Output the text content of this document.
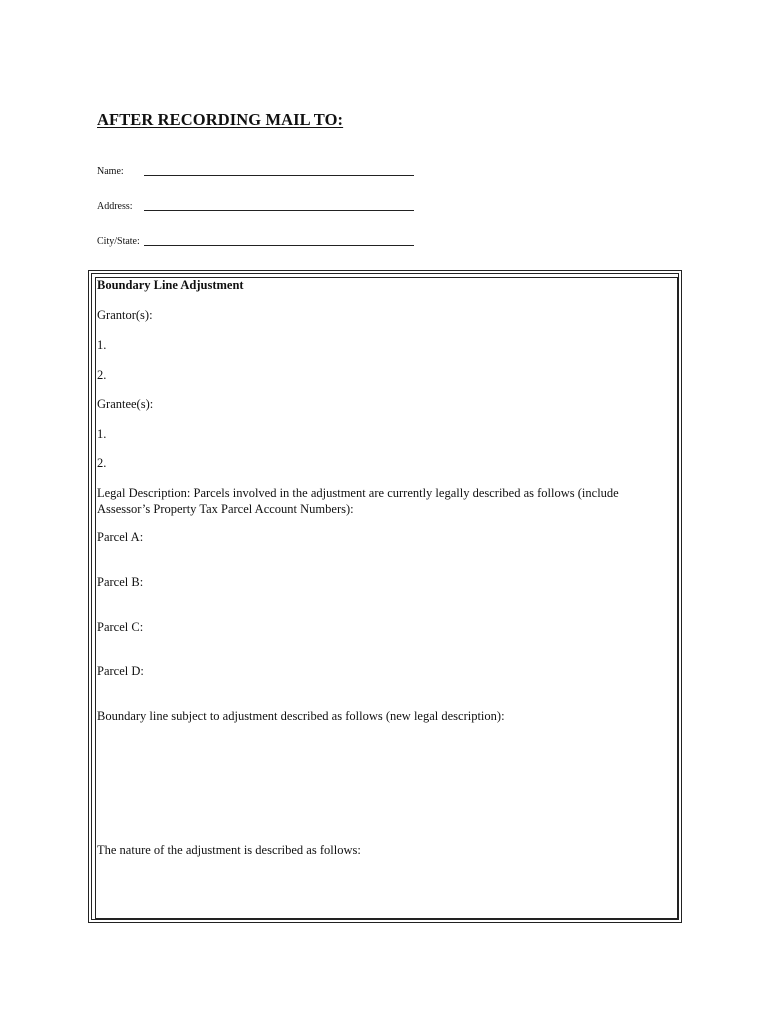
AFTER RECORDING MAIL TO:
Name:
Address:
City/State:
Boundary Line Adjustment
Grantor(s):
1.
2.
Grantee(s):
1.
2.
Legal Description: Parcels involved in the adjustment are currently legally described as follows (include Assessor’s Property Tax Parcel Account Numbers):
Parcel A:
Parcel B:
Parcel C:
Parcel D:
Boundary line subject to adjustment described as follows (new legal description):
The nature of the adjustment is described as follows:
